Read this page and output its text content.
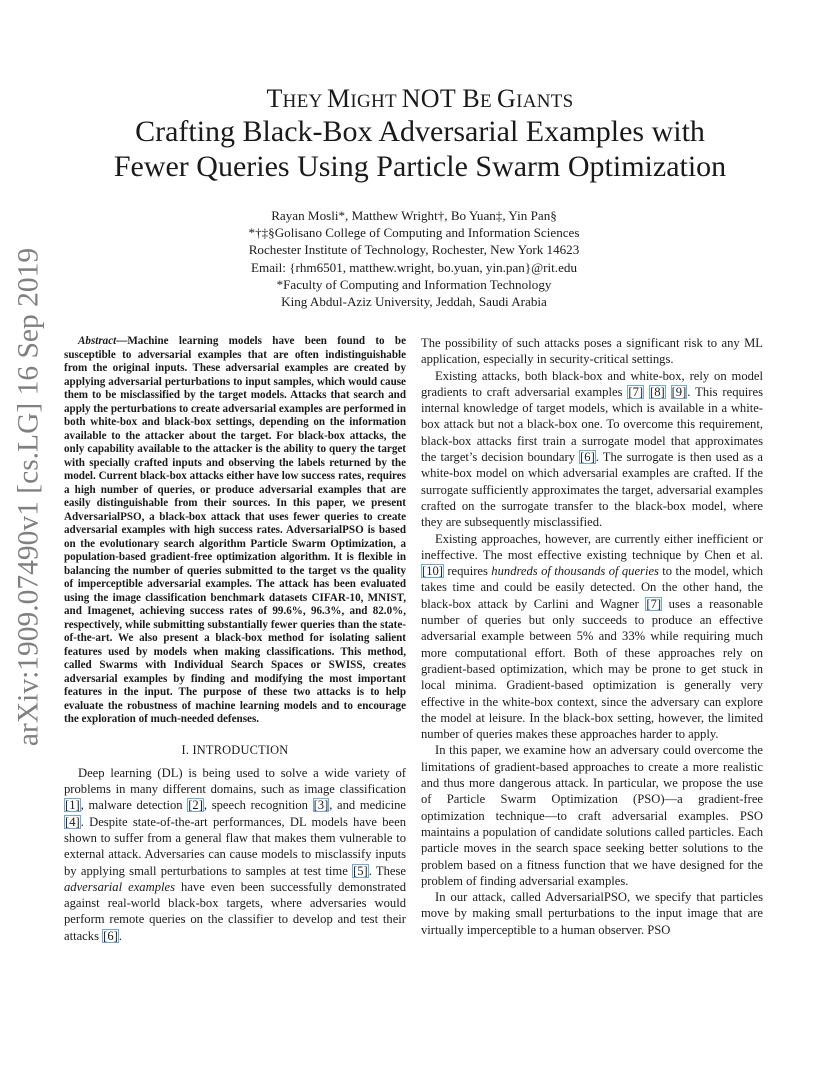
arXiv:1909.07490v1 [cs.LG] 16 Sep 2019
THEY MIGHT NOT BE GIANTS
Crafting Black-Box Adversarial Examples with
Fewer Queries Using Particle Swarm Optimization
Rayan Mosli*, Matthew Wright†, Bo Yuan‡, Yin Pan§
*†‡§Golisano College of Computing and Information Sciences
Rochester Institute of Technology, Rochester, New York 14623
Email: {rhm6501, matthew.wright, bo.yuan, yin.pan}@rit.edu
*Faculty of Computing and Information Technology
King Abdul-Aziz University, Jeddah, Saudi Arabia

Abstract—Machine learning models have been found to be susceptible to adversarial examples that are often indistinguishable from the original inputs. These adversarial examples are created by applying adversarial perturbations to input samples, which would cause them to be misclassified by the target models. Attacks that search and apply the perturbations to create adversarial examples are performed in both white-box and black-box settings, depending on the information available to the attacker about the target. For black-box attacks, the only capability available to the attacker is the ability to query the target with specially crafted inputs and observing the labels returned by the model. Current black-box attacks either have low success rates, requires a high number of queries, or produce adversarial examples that are easily distinguishable from their sources. In this paper, we present AdversarialPSO, a black-box attack that uses fewer queries to create adversarial examples with high success rates. AdversarialPSO is based on the evolutionary search algorithm Particle Swarm Optimization, a population-based gradient-free optimization algorithm. It is flexible in balancing the number of queries submitted to the target vs the quality of imperceptible adversarial examples. The attack has been evaluated using the image classification benchmark datasets CIFAR-10, MNIST, and Imagenet, achieving success rates of 99.6%, 96.3%, and 82.0%, respectively, while submitting substantially fewer queries than the state-of-the-art. We also present a black-box method for isolating salient features used by models when making classifications. This method, called Swarms with Individual Search Spaces or SWISS, creates adversarial examples by finding and modifying the most important features in the input. The purpose of these two attacks is to help evaluate the robustness of machine learning models and to encourage the exploration of much-needed defenses.

I. INTRODUCTION

Deep learning (DL) is being used to solve a wide variety of problems in many different domains, such as image classification [1], malware detection [2], speech recognition [3], and medicine [4]. Despite state-of-the-art performances, DL models have been shown to suffer from a general flaw that makes them vulnerable to external attack. Adversaries can cause models to misclassify inputs by applying small perturbations to samples at test time [5]. These adversarial examples have even been successfully demonstrated against real-world black-box targets, where adversaries would perform remote queries on the classifier to develop and test their attacks [6].

The possibility of such attacks poses a significant risk to any ML application, especially in security-critical settings.

Existing attacks, both black-box and white-box, rely on model gradients to craft adversarial examples [7] [8] [9]. This requires internal knowledge of target models, which is available in a white-box attack but not a black-box one. To overcome this requirement, black-box attacks first train a surrogate model that approximates the target’s decision boundary [6]. The surrogate is then used as a white-box model on which adversarial examples are crafted. If the surrogate sufficiently approximates the target, adversarial examples crafted on the surrogate transfer to the black-box model, where they are subsequently misclassified.

Existing approaches, however, are currently either inefficient or ineffective. The most effective existing technique by Chen et al. [10] requires hundreds of thousands of queries to the model, which takes time and could be easily detected. On the other hand, the black-box attack by Carlini and Wagner [7] uses a reasonable number of queries but only succeeds to produce an effective adversarial example between 5% and 33% while requiring much more computational effort. Both of these approaches rely on gradient-based optimization, which may be prone to get stuck in local minima. Gradient-based optimization is generally very effective in the white-box context, since the adversary can explore the model at leisure. In the black-box setting, however, the limited number of queries makes these approaches harder to apply.

In this paper, we examine how an adversary could overcome the limitations of gradient-based approaches to create a more realistic and thus more dangerous attack. In particular, we propose the use of Particle Swarm Optimization (PSO)—a gradient-free optimization technique—to craft adversarial examples. PSO maintains a population of candidate solutions called particles. Each particle moves in the search space seeking better solutions to the problem based on a fitness function that we have designed for the problem of finding adversarial examples.

In our attack, called AdversarialPSO, we specify that particles move by making small perturbations to the input image that are virtually imperceptible to a human observer. PSO
